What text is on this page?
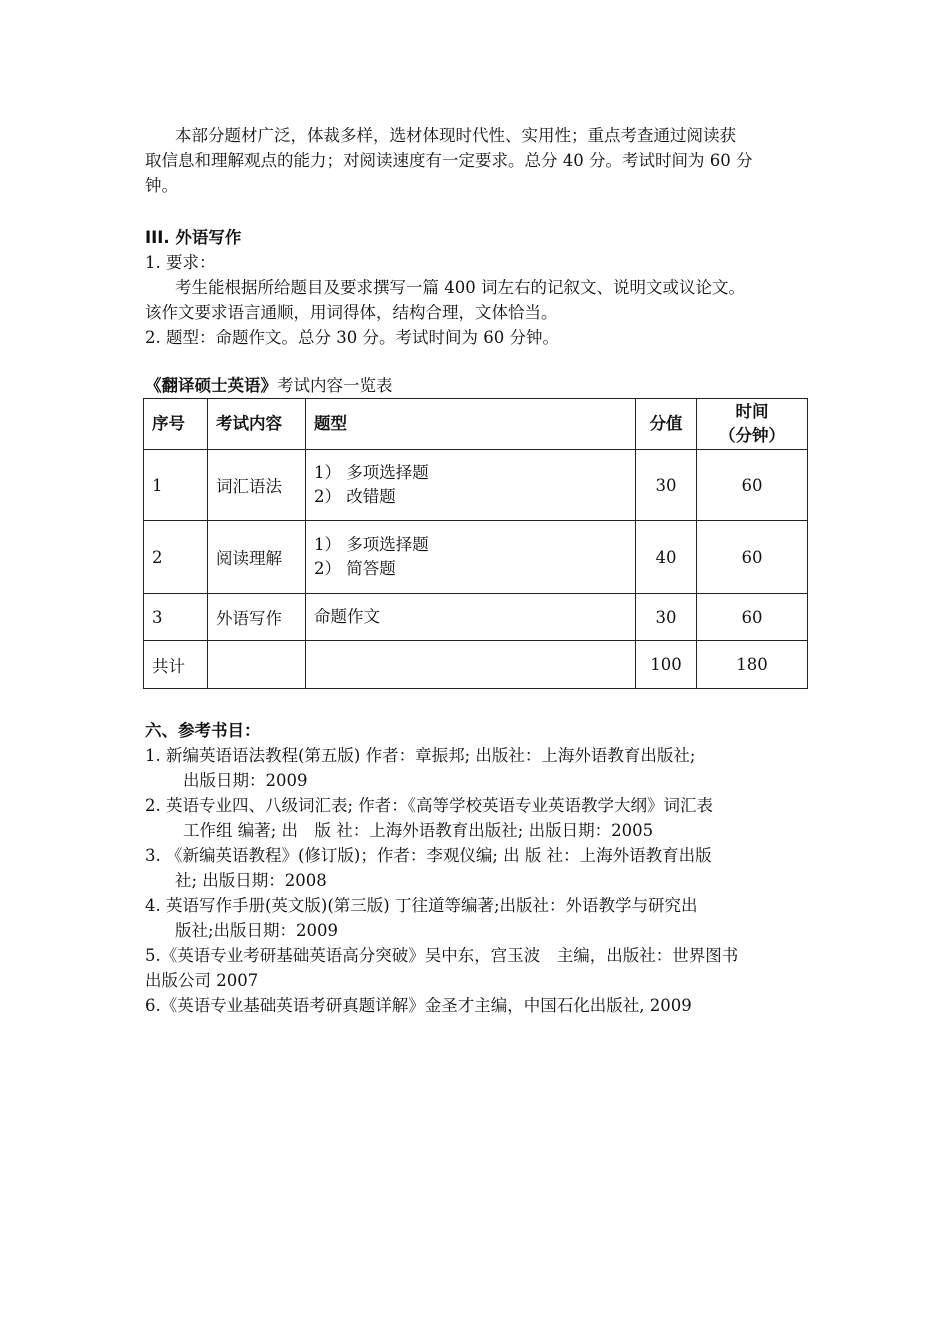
本部分题材广泛，体裁多样，选材体现时代性、实用性；重点考查通过阅读获
取信息和理解观点的能力；对阅读速度有一定要求。总分 40 分。考试时间为 60 分
钟。
III. 外语写作
1. 要求：
考生能根据所给题目及要求撰写一篇 400 词左右的记叙文、说明文或议论文。
该作文要求语言通顺，用词得体，结构合理，文体恰当。
2. 题型：命题作文。总分 30 分。考试时间为 60 分钟。
《翻译硕士英语》考试内容一览表
序号	考试内容	题型	分值	时间
（分钟）

1	词汇语法	1） 多项选择题
2） 改错题	30	60
2	阅读理解	1） 多项选择题
2） 简答题	40	60
3	外语写作	命题作文	30	60
共计			100	180
六、参考书目：
1. 新编英语语法教程(第五版) 作者：章振邦; 出版社：上海外语教育出版社;
出版日期：2009
2. 英语专业四、八级词汇表; 作者：《高等学校英语专业英语教学大纲》词汇表
工作组 编著; 出　版 社：上海外语教育出版社; 出版日期：2005
3. 《新编英语教程》(修订版)；作者：李观仪编; 出 版 社：上海外语教育出版
社; 出版日期：2008
4. 英语写作手册(英文版)(第三版) 丁往道等编著;出版社：外语教学与研究出
版社;出版日期：2009
5.《英语专业考研基础英语高分突破》吴中东，宫玉波　主编，出版社：世界图书
出版公司 2007
6.《英语专业基础英语考研真题详解》金圣才主编，中国石化出版社, 2009
